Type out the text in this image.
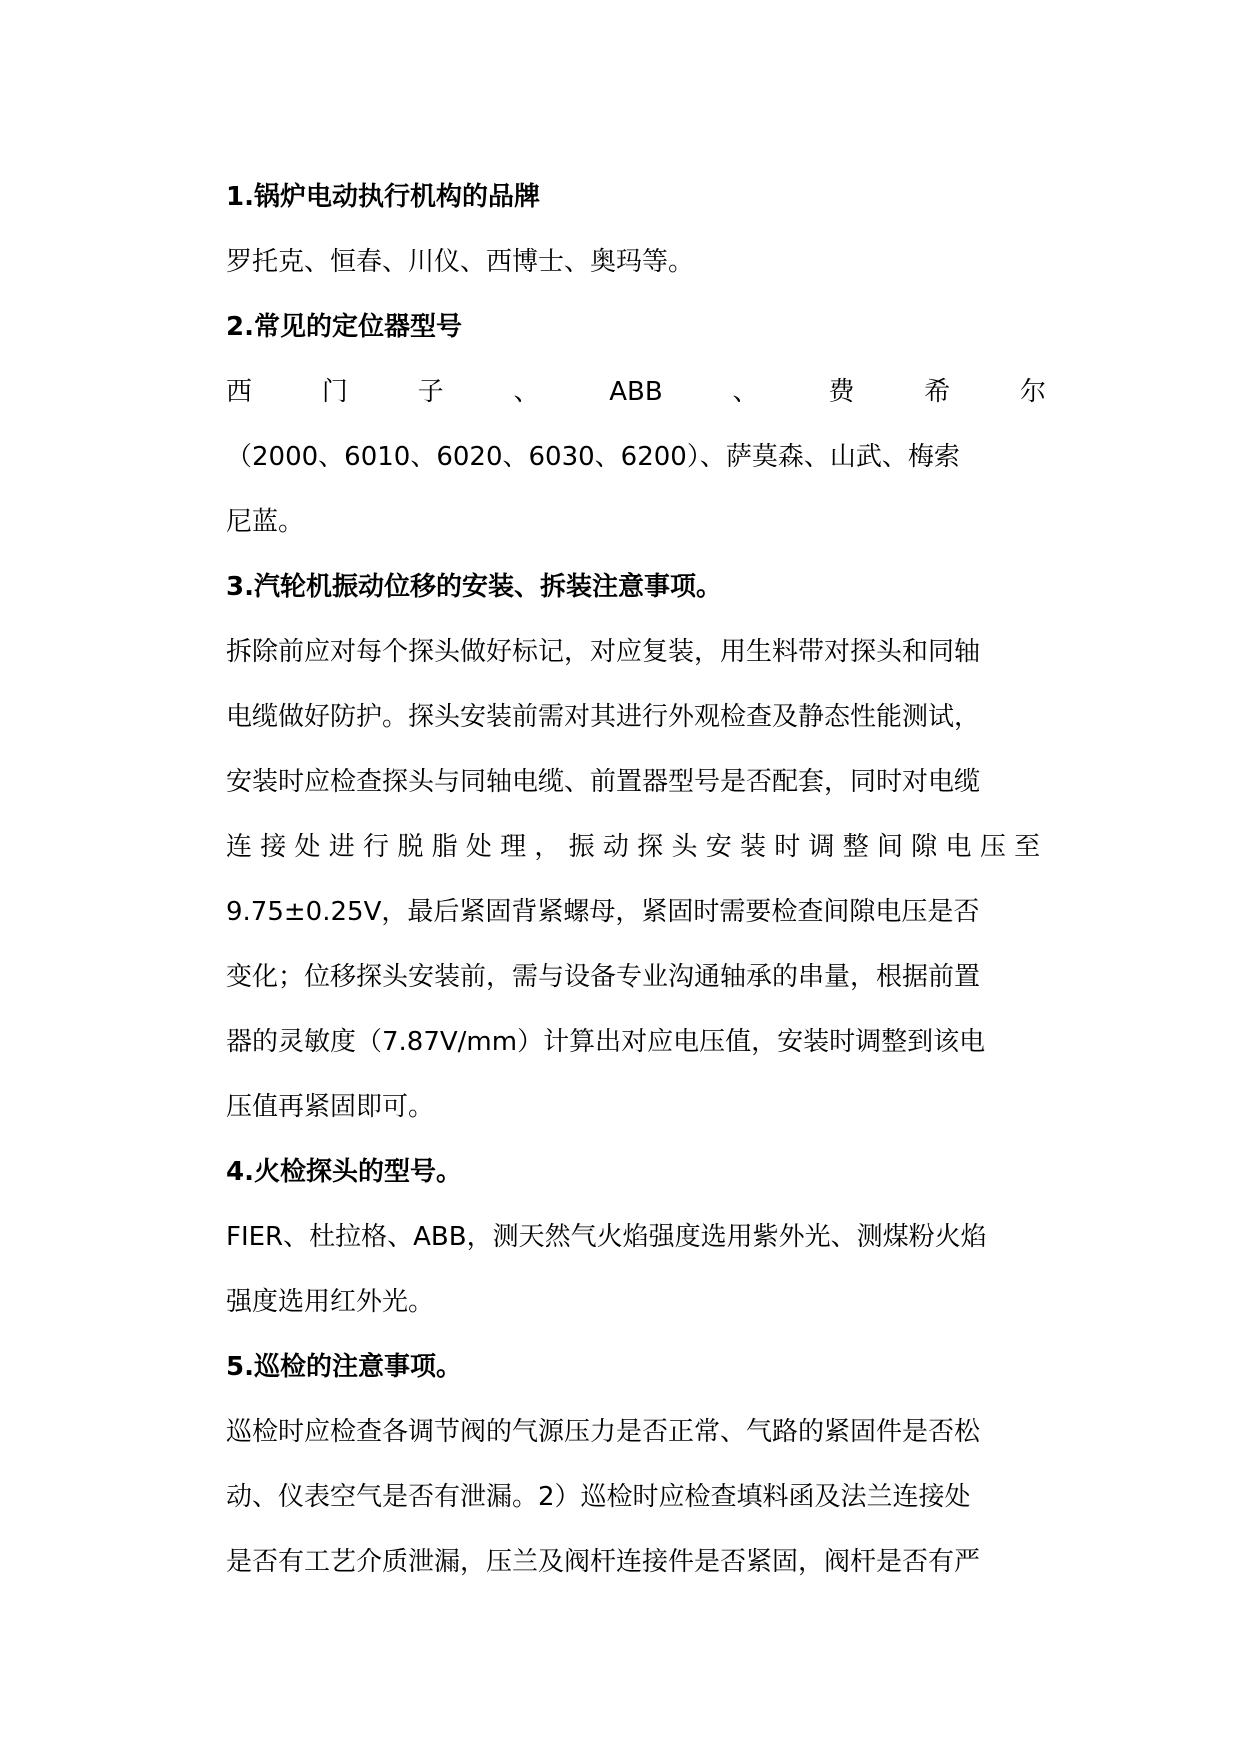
1.锅炉电动执行机构的品牌
罗托克、恒春、川仪、西博士、奥玛等。
2.常见的定位器型号
西	门	子	、	ABB	、	费	希	尔
（2000、6010、6020、6030、6200）、萨莫森、山武、梅索
尼蓝。
3.汽轮机振动位移的安装、拆装注意事项。
拆除前应对每个探头做好标记，对应复装，用生料带对探头和同轴
电缆做好防护。探头安装前需对其进行外观检查及静态性能测试，
安装时应检查探头与同轴电缆、前置器型号是否配套，同时对电缆
连 接 处 进 行 脱 脂 处 理 ， 振 动 探 头 安 装 时 调 整 间 隙 电 压 至
9.75±0.25V，最后紧固背紧螺母，紧固时需要检查间隙电压是否
变化；位移探头安装前，需与设备专业沟通轴承的串量，根据前置
器的灵敏度（7.87V/mm）计算出对应电压值，安装时调整到该电
压值再紧固即可。
4.火检探头的型号。
FIER、杜拉格、ABB，测天然气火焰强度选用紫外光、测煤粉火焰
强度选用红外光。
5.巡检的注意事项。
巡检时应检查各调节阀的气源压力是否正常、气路的紧固件是否松
动、仪表空气是否有泄漏。2）巡检时应检查填料函及法兰连接处
是否有工艺介质泄漏，压兰及阀杆连接件是否紧固，阀杆是否有严
